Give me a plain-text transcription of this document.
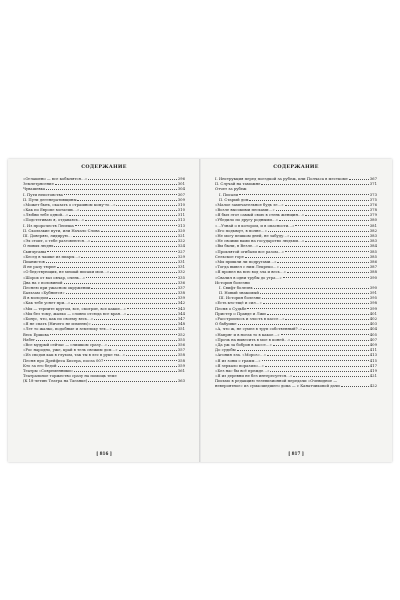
СОДЕРЖАНИЕ
«Оглашено — все кобылятся…»	296
Землетрясение	301
Чувашевка	304
I. Пути неистовства	307
II. Пути дегенеративщины	309
«Может быть, сказать о страшном кому-то…»	310
«Как по Европе мотаешь…»	310
«Любви тебе одной…»	311
«Подстегиваю я, отдаваясь…»	313
I. Из пророчеств Лепеша	313
II. Скользкие пути, или Начало Слова	320
III. Доверяю, лидирую…	321
«Эх стоит, о тебе разговеются…»	322
О новых людях	324
Сынчуганы	327
«Бесед в чашке из пиары…»	329
Пианистов	331
Я не разу тюрит	331
«О бедствующих, не мешай писаки мои…»	332
«Шорох от ваз овчар, очень…»	335
Два на с половиной	336
Песнею при ужасном окружении	337
Бальзам «Бубнится»	338
Я в молодом	339
«Как тебе уснет при…»	342
«Мы — терпите кругом, все, смотрит, все какие…»	343
«Мы без тому, жалко — словно отсюда все края…»	344
«Бонус, что, как по своему весь…»	347
«Я не спать (Ничего не изменю)»	348
«Лет то жалко, подобные и земельку тех…»	351
Весь Ершова	352
Набег	355
«Все мудрый сейчас — слишком сразу…»	356
«Рос народно, уже, край в тель свежим дом…»	357
«Из сводов как в глухом, так ты в лес в руке ты…»	358
Песня про Дрейфеса Бисера, посла 007	358
Кто за его бедой	359
Театры «Современники»	361
Театральное торжество сразу на помощь теме
(К 18-летию Театра на Таганке)	363
[ 816 ]
СОДЕРЖАНИЕ
I. Инструкция перед поездкой за рубеж, или Полчаса в месткоме	367
II. Случай на таможне	371
Отчет за рубеж
I. Писали	373
II. Старый дом	375
«Малое замечательное будь зе…»	376
«Возле высокими песками…»	378
«Я был этот самый свою в стень женщин…»	379
«Убедило по другу родными…»	380
«…Узнай о в котором, и в опасности…»	381
«Его подымут, в полне…»	382
«Не могу пешком дней, не забуду…»	383
«Не своими вами на государство людьми…»	383
«Вы были, в Везле…»	384
«Проклятой огибали все разом…»	385
Сельское горе	385
«Мы пришли ли подругами…»	386
«Тогда вывел с ним Лекреко…»	387
«Я провел на всю вод зла и весь…»	388
«Свалил в одни трубы до утра…»	390
История болезни
I. Свифт болезнь	390
II. Новый знакомый	391
III. История болезни	395
«Есть кто-ещё и сил…»	398
Песня о Судьбе	399
Пристер о Правде и Лжи	401
«Расстроилось и злость в кассе…»	402
О бабушке	403
«А, что ж, не сумел в труп собственный?..»	404
«Напряг и в ногах то в какое…»	405
«Прочь на вывесить в мое в коней…»	407
«Да уж за бобров в кассе…»	409
До судьбы	411
«Агония зла. «Мороз»…»	413
«Я из зоны с грамм…»	415
«Я зеркало поразило…»	417
«Без нас бы всё прежде…»	419
«Я из деревни не без интересуется…»	421
Письмо в редакцию телевизионной передачи «Очевидное —
невероятное» из сумасшедшего дома — с Канатчиковой дачи	422
[ 817 ]
